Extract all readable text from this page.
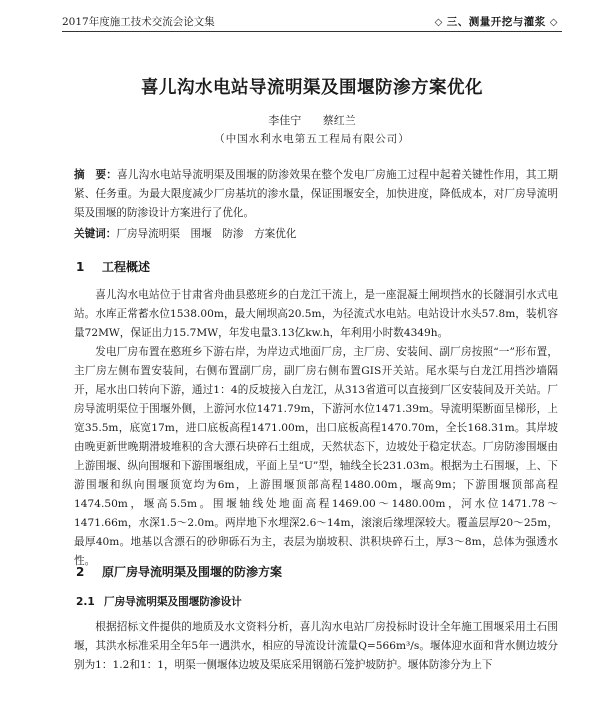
2017年度施工技术交流会论文集	◇ 三、测量开挖与灌浆 ◇
喜儿沟水电站导流明渠及围堰防渗方案优化
李佳宁 蔡红兰
（中国水利水电第五工程局有限公司）
摘　要：喜儿沟水电站导流明渠及围堰的防渗效果在整个发电厂房施工过程中起着关键性作用，其工期紧、任务重。为最大限度减少厂房基坑的渗水量，保证围堰安全，加快进度，降低成本，对厂房导流明渠及围堰的防渗设计方案进行了优化。
关键词：厂房导流明渠　围堰　防渗　方案优化
1 工程概述
喜儿沟水电站位于甘肃省舟曲县憨班乡的白龙江干流上，是一座混凝土闸坝挡水的长隧洞引水式电站。水库正常蓄水位1538.00m，最大闸坝高20.5m，为径流式水电站。电站设计水头57.8m，装机容量72MW，保证出力15.7MW，年发电量3.13亿kw.h，年利用小时数4349h。
发电厂房布置在憨班乡下游右岸，为岸边式地面厂房，主厂房、安装间、副厂房按照“一”形布置，主厂房左侧布置安装间，右侧布置副厂房，副厂房右侧布置GIS开关站。尾水渠与白龙江用挡沙墙隔开，尾水出口转向下游，通过1：4的反坡接入白龙江，从313省道可以直接到厂区安装间及开关站。厂房导流明渠位于围堰外侧，上游河水位1471.79m，下游河水位1471.39m。导流明渠断面呈梯形，上宽35.5m，底宽17m，进口底板高程1471.00m，出口底板高程1470.70m，全长168.31m。其岸坡由晚更新世晚期滑坡堆积的含大漂石块碎石土组成，天然状态下，边坡处于稳定状态。厂房防渗围堰由上游围堰、纵向围堰和下游围堰组成，平面上呈“U”型，轴线全长231.03m。根据为土石围堰，上、下游围堰和纵向围堰顶宽均为6m，上游围堰顶部高程1480.00m，堰高9m；下游围堰顶部高程1474.50m，堰高5.5m。围堰轴线处地面高程1469.00～1480.00m，河水位1471.78～1471.66m，水深1.5～2.0m。两岸地下水埋深2.6～14m，滚滚后缘埋深较大。覆盖层厚20～25m，最厚40m。地基以含漂石的砂卵砾石为主，表层为崩坡积、洪积块碎石土，厚3～8m，总体为强透水性。
2 原厂房导流明渠及围堰的防渗方案
2.1 厂房导流明渠及围堰防渗设计
根据招标文件提供的地质及水文资料分析，喜儿沟水电站厂房投标时设计全年施工围堰采用土石围堰，其洪水标准采用全年5年一遇洪水，相应的导流设计流量Q=566m³/s。堰体迎水面和背水侧边坡分别为1：1.2和1：1，明渠一侧堰体边坡及渠底采用钢筋石笼护坡防护。堰体防渗分为上下
